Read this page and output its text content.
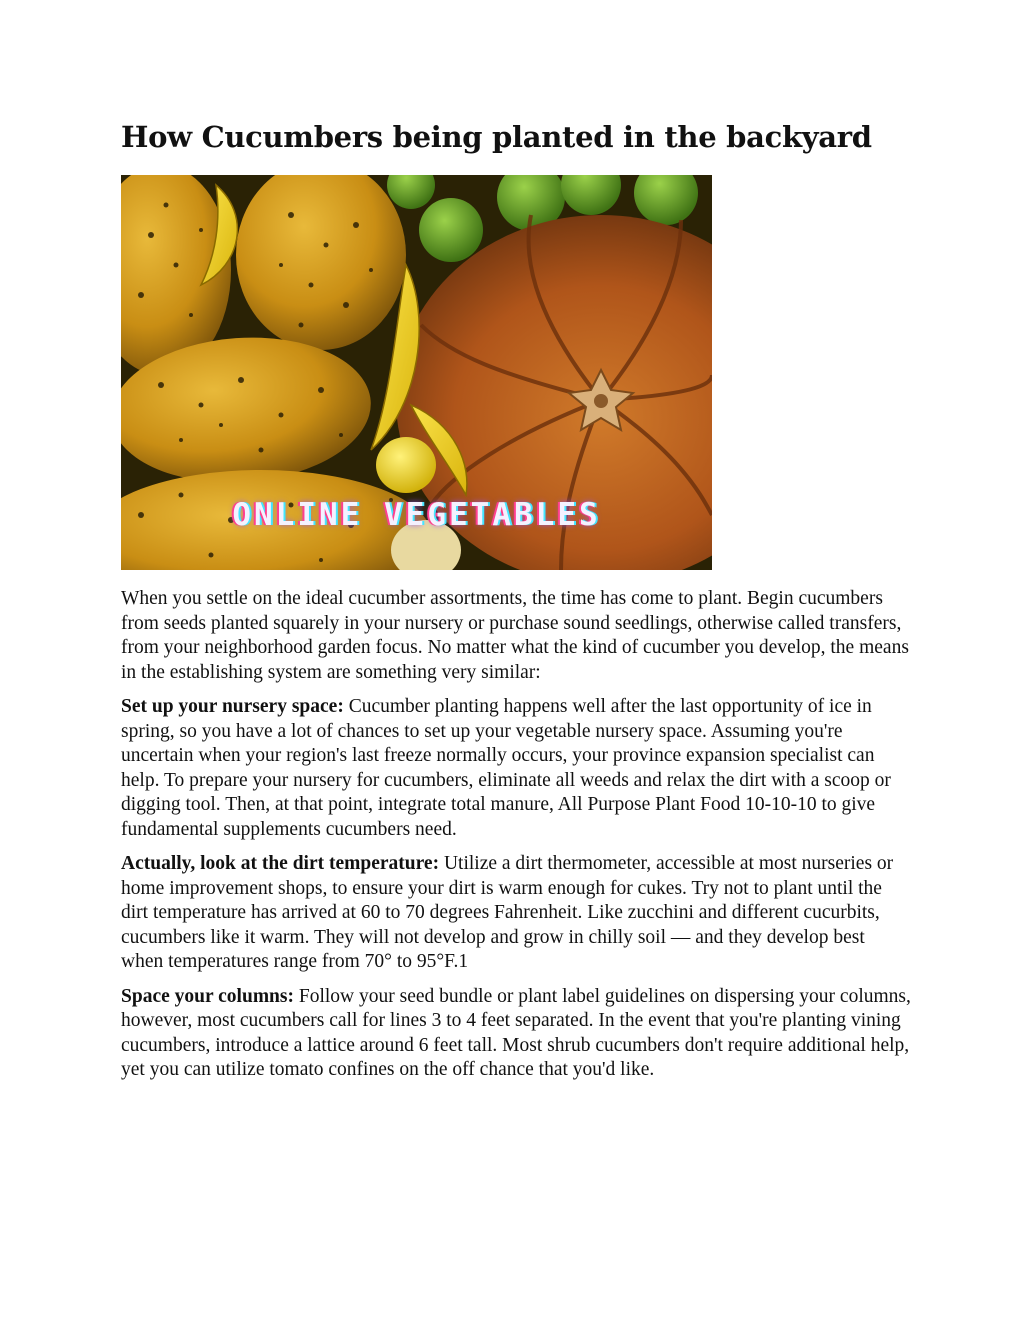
How Cucumbers being planted in the backyard
ONLINE VEGETABLES

When you settle on the ideal cucumber assortments, the time has come to plant. Begin cucumbers from seeds planted squarely in your nursery or purchase sound seedlings, otherwise called transfers, from your neighborhood garden focus. No matter what the kind of cucumber you develop, the means in the establishing system are something very similar:

Set up your nursery space: Cucumber planting happens well after the last opportunity of ice in spring, so you have a lot of chances to set up your vegetable nursery space. Assuming you're uncertain when your region's last freeze normally occurs, your province expansion specialist can help. To prepare your nursery for cucumbers, eliminate all weeds and relax the dirt with a scoop or digging tool. Then, at that point, integrate total manure, All Purpose Plant Food 10-10-10 to give fundamental supplements cucumbers need.

Actually, look at the dirt temperature: Utilize a dirt thermometer, accessible at most nurseries or home improvement shops, to ensure your dirt is warm enough for cukes. Try not to plant until the dirt temperature has arrived at 60 to 70 degrees Fahrenheit. Like zucchini and different cucurbits, cucumbers like it warm. They will not develop and grow in chilly soil — and they develop best when temperatures range from 70° to 95°F.1

Space your columns: Follow your seed bundle or plant label guidelines on dispersing your columns, however, most cucumbers call for lines 3 to 4 feet separated. In the event that you're planting vining cucumbers, introduce a lattice around 6 feet tall. Most shrub cucumbers don't require additional help, yet you can utilize tomato confines on the off chance that you'd like.
